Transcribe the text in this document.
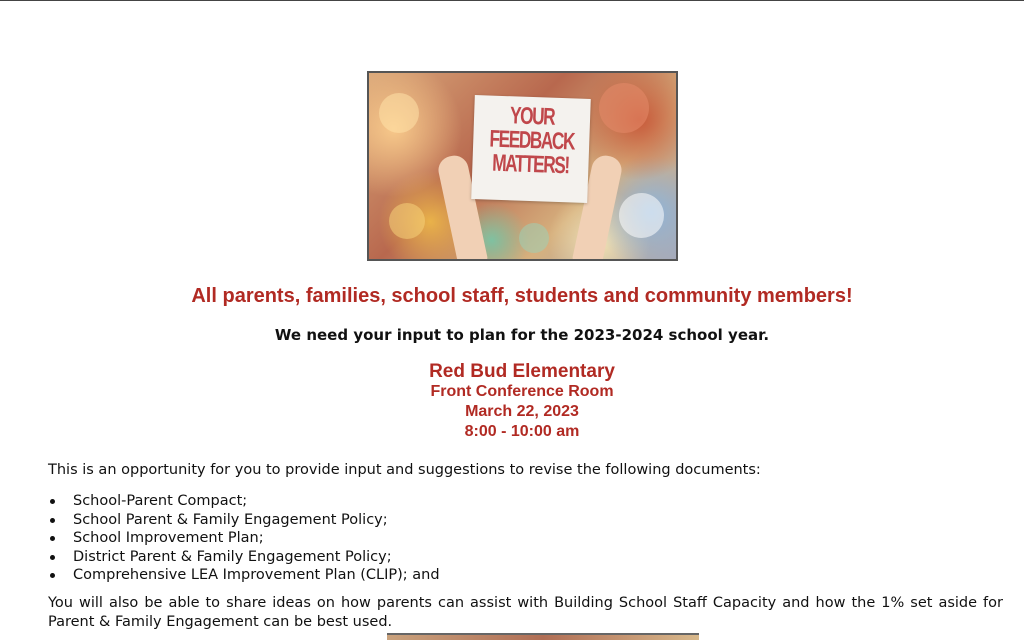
YOUR
FEEDBACK
MATTERS!
All parents, families, school staff, students and community members!
We need your input to plan for the 2023-2024 school year.
Red Bud Elementary
Front Conference Room
March 22, 2023
8:00 - 10:00 am
This is an opportunity for you to provide input and suggestions to revise the following documents:
School-Parent Compact;
School Parent & Family Engagement Policy;
School Improvement Plan;
District Parent & Family Engagement Policy;
Comprehensive LEA Improvement Plan (CLIP); and
You will also be able to share ideas on how parents can assist with Building School Staff Capacity and how the 1% set aside for Parent & Family Engagement can be best used.
